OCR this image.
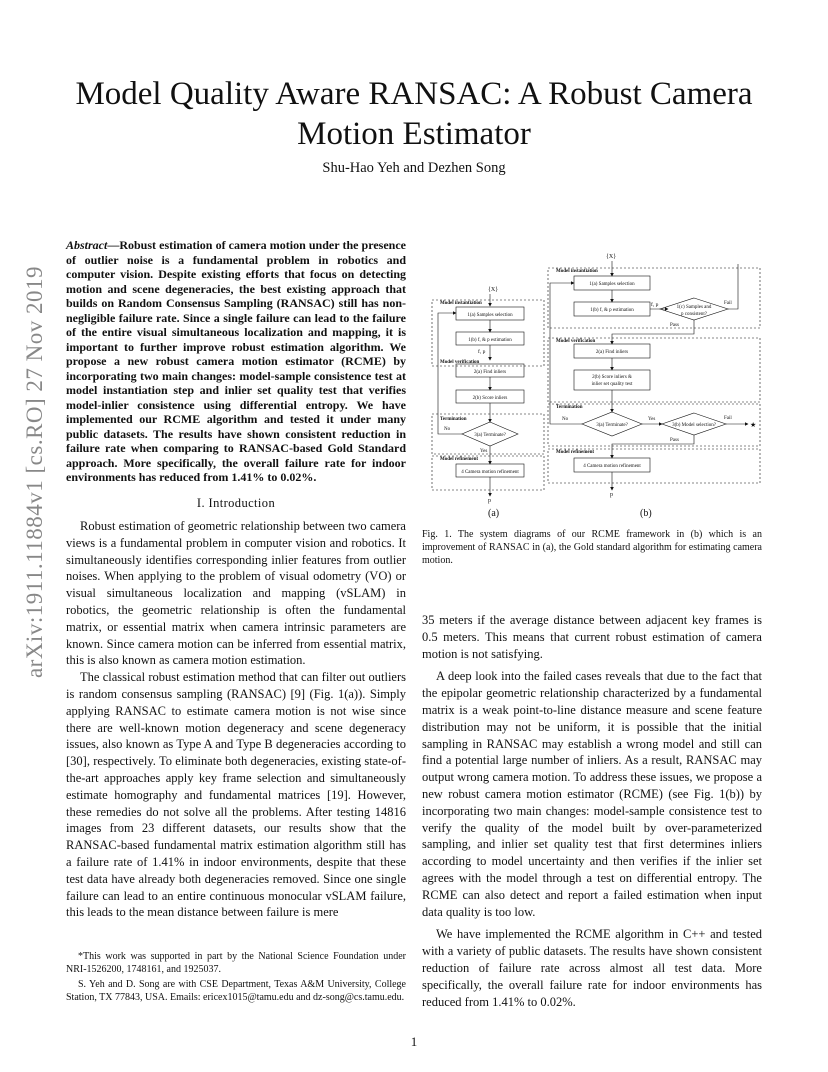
Model Quality Aware RANSAC: A Robust Camera
Motion Estimator
Shu-Hao Yeh and Dezhen Song
arXiv:1911.11884v1 [cs.RO] 27 Nov 2019
Abstract—Robust estimation of camera motion under the presence of outlier noise is a fundamental problem in robotics and computer vision. Despite existing efforts that focus on detecting motion and scene degeneracies, the best existing approach that builds on Random Consensus Sampling (RANSAC) still has non-negligible failure rate. Since a single failure can lead to the failure of the entire visual simultaneous localization and mapping, it is important to further improve robust estimation algorithm. We propose a new robust camera motion estimator (RCME) by incorporating two main changes: model-sample consistence test at model instantiation step and inlier set quality test that verifies model-inlier consistence using differential entropy. We have implemented our RCME algorithm and tested it under many public datasets. The results have shown consistent reduction in failure rate when comparing to RANSAC-based Gold Standard approach. More specifically, the overall failure rate for indoor environments has reduced from 1.41% to 0.02%.
I. Introduction

Robust estimation of geometric relationship between two camera views is a fundamental problem in computer vision and robotics. It simultaneously identifies corresponding inlier features from outlier noises. When applying to the problem of visual odometry (VO) or visual simultaneous localization and mapping (vSLAM) in robotics, the geometric relationship is often the fundamental matrix, or essential matrix when camera intrinsic parameters are known. Since camera motion can be inferred from essential matrix, this is also known as camera motion estimation.

The classical robust estimation method that can filter out outliers is random consensus sampling (RANSAC) [9] (Fig. 1(a)). Simply applying RANSAC to estimate camera motion is not wise since there are well-known motion degeneracy and scene degeneracy issues, also known as Type A and Type B degeneracies according to [30], respectively. To eliminate both degeneracies, existing state-of-the-art approaches apply key frame selection and simultaneously estimate homography and fundamental matrices [19]. However, these remedies do not solve all the problems. After testing 14816 images from 23 different datasets, our results show that the RANSAC-based fundamental matrix estimation algorithm still has a failure rate of 1.41% in indoor environments, despite that these test data have already both degeneracies removed. Since one single failure can lead to an entire continuous monocular vSLAM failure, this leads to the mean distance between failure is mere

*This work was supported in part by the National Science Foundation under NRI-1526200, 1748161, and 1925037.

S. Yeh and D. Song are with CSE Department, Texas A&M University, College Station, TX 77843, USA. Emails: ericex1015@tamu.edu and dz-song@cs.tamu.edu.

{X}
Model instantiation
1(a) Samples selection
1(b) f, & p estimation
f, p
Model verification
2(a) Find inliers
2(b) Score inliers
Termination
3(a) Terminate?
No
Yes
Model refinement
4 Camera motion refinement
p
{X}
Model instantiation
1(a) Samples selection
1(b) f, & p estimation
f, p	1(c) Samples and
p consistent?
Fail
Pass
Model verification
2(a) Find inliers
2(b) Score inliers &
inlier set quality test
Termination
3(a) Terminate?
No	Yes
3(b) Model selection?
Fail
★
Pass
Model refinement
4 Camera motion refinement
p
(a)	(b)
Fig. 1. The system diagrams of our RCME framework in (b) which is an improvement of RANSAC in (a), the Gold standard algorithm for estimating camera motion.

35 meters if the average distance between adjacent key frames is 0.5 meters. This means that current robust estimation of camera motion is not satisfying.

A deep look into the failed cases reveals that due to the fact that the epipolar geometric relationship characterized by a fundamental matrix is a weak point-to-line distance measure and scene feature distribution may not be uniform, it is possible that the initial sampling in RANSAC may establish a wrong model and still can find a potential large number of inliers. As a result, RANSAC may output wrong camera motion. To address these issues, we propose a new robust camera motion estimator (RCME) (see Fig. 1(b)) by incorporating two main changes: model-sample consistence test to verify the quality of the model built by over-parameterized sampling, and inlier set quality test that first determines inliers according to model uncertainty and then verifies if the inlier set agrees with the model through a test on differential entropy. The RCME can also detect and report a failed estimation when input data quality is too low.

We have implemented the RCME algorithm in C++ and tested with a variety of public datasets. The results have shown consistent reduction of failure rate across almost all test data. More specifically, the overall failure rate for indoor environments has reduced from 1.41% to 0.02%.

1
